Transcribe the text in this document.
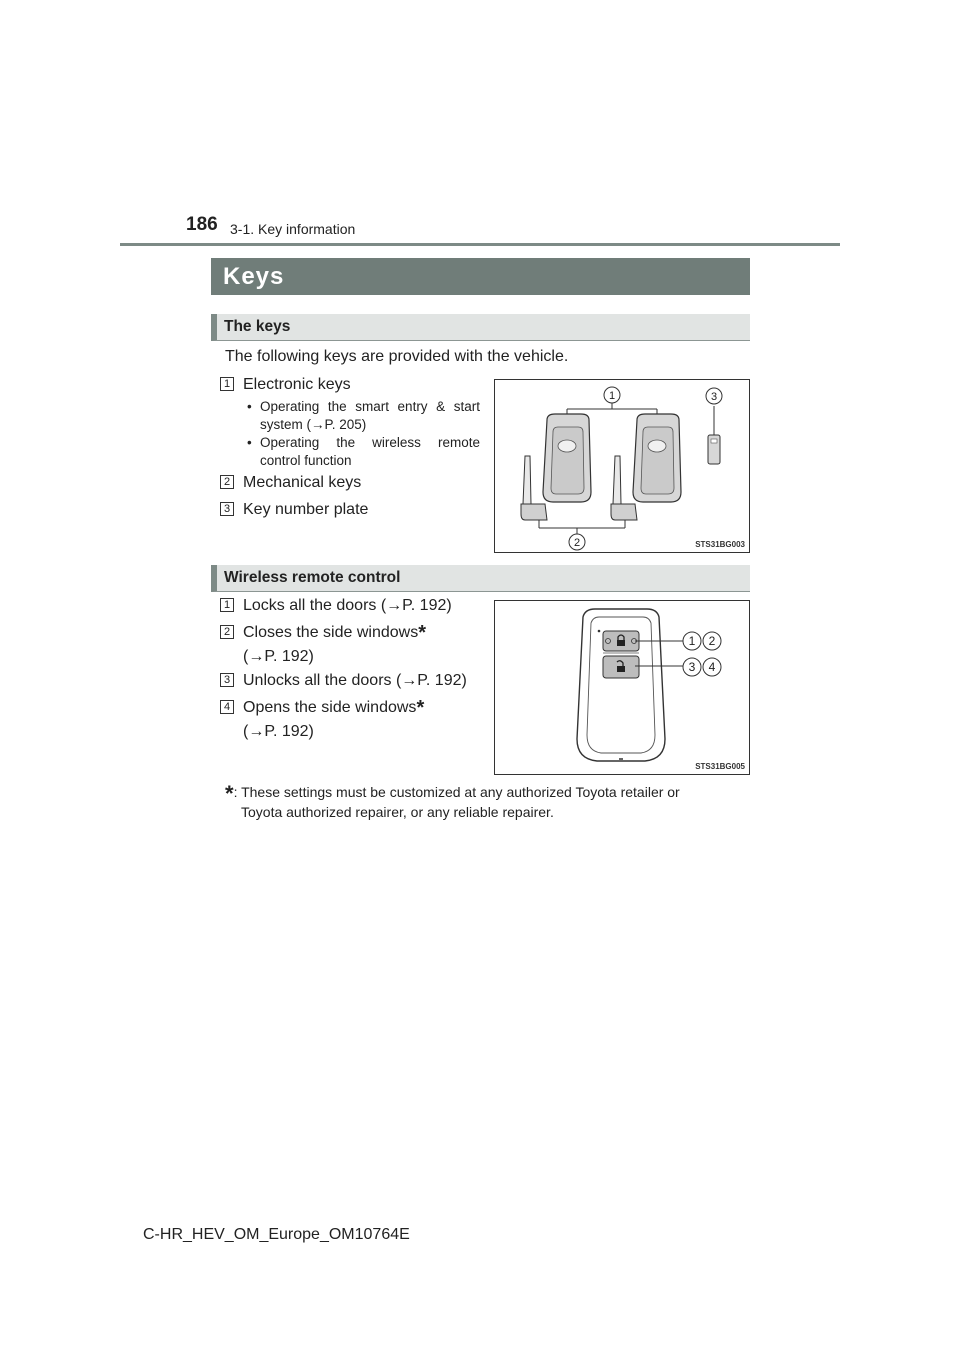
186 3-1. Key information
Keys
The keys
The following keys are provided with the vehicle.
1 Electronic keys
• Operating the smart entry & start system (→P. 205)
• Operating the wireless remote control function
2 Mechanical keys
3 Key number plate
1	3
2	STS31BG003
Wireless remote control
1 Locks all the doors (→P. 192)
2 Closes the side windows*
(→P. 192)
3 Unlocks all the doors (→P. 192)
4 Opens the side windows*
(→P. 192)
1 2
3 4
STS31BG005
*: These settings must be customized at any authorized Toyota retailer or
Toyota authorized repairer, or any reliable repairer.
C-HR_HEV_OM_Europe_OM10764E
